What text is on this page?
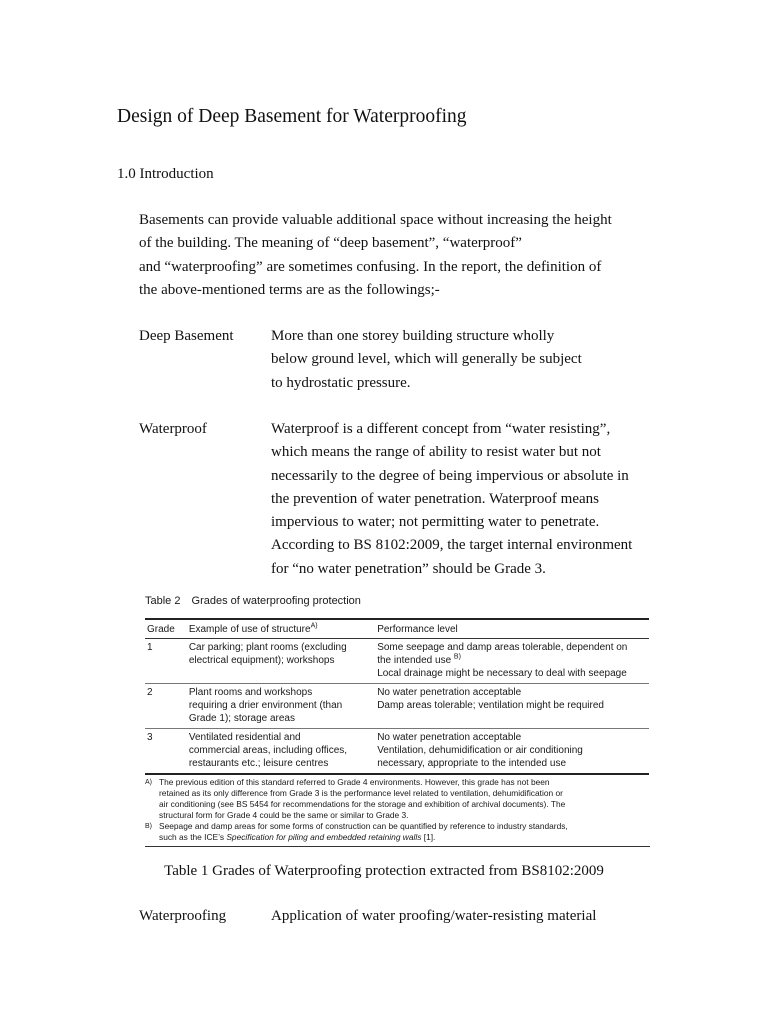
Design of Deep Basement for Waterproofing
1.0 Introduction
Basements can provide valuable additional space without increasing the height
of the building. The meaning of “deep basement”, “waterproof”
and “waterproofing” are sometimes confusing. In the report, the definition of
the above-mentioned terms are as the followings;-
Deep Basement More than one storey building structure wholly
below ground level, which will generally be subject
to hydrostatic pressure.
Waterproof	Waterproof is a different concept from “water resisting”,
which means the range of ability to resist water but not
necessarily to the degree of being impervious or absolute in
the prevention of water penetration. Waterproof means
impervious to water; not permitting water to penetrate.
According to BS 8102:2009, the target internal environment
for “no water penetration” should be Grade 3.
Table 2 Grades of waterproofing protection
Grade	Example of use of structure$^{A)}$	Performance level
1	Car parking; plant rooms (excluding
electrical equipment); workshops	Some seepage and damp areas tolerable, dependent on
the intended use $^{B)}$
Local drainage might be necessary to deal with seepage

2	Plant rooms and workshops
requiring a drier environment (than
Grade 1); storage areas	No water penetration acceptable
Damp areas tolerable; ventilation might be required

3	Ventilated residential and
commercial areas, including offices,
restaurants etc.; leisure centres	No water penetration acceptable
Ventilation, dehumidification or air conditioning
necessary, appropriate to the intended use
A) The previous edition of this standard referred to Grade 4 environments. However, this grade has not been
retained as its only difference from Grade 3 is the performance level related to ventilation, dehumidification or
air conditioning (see BS 5454 for recommendations for the storage and exhibition of archival documents). The
structural form for Grade 4 could be the same or similar to Grade 3.
B) Seepage and damp areas for some forms of construction can be quantified by reference to industry standards,
such as the ICE’s Specification for piling and embedded retaining walls [1].
Table 1 Grades of Waterproofing protection extracted from BS8102:2009
Waterproofing	Application of water proofing/water-resisting material
